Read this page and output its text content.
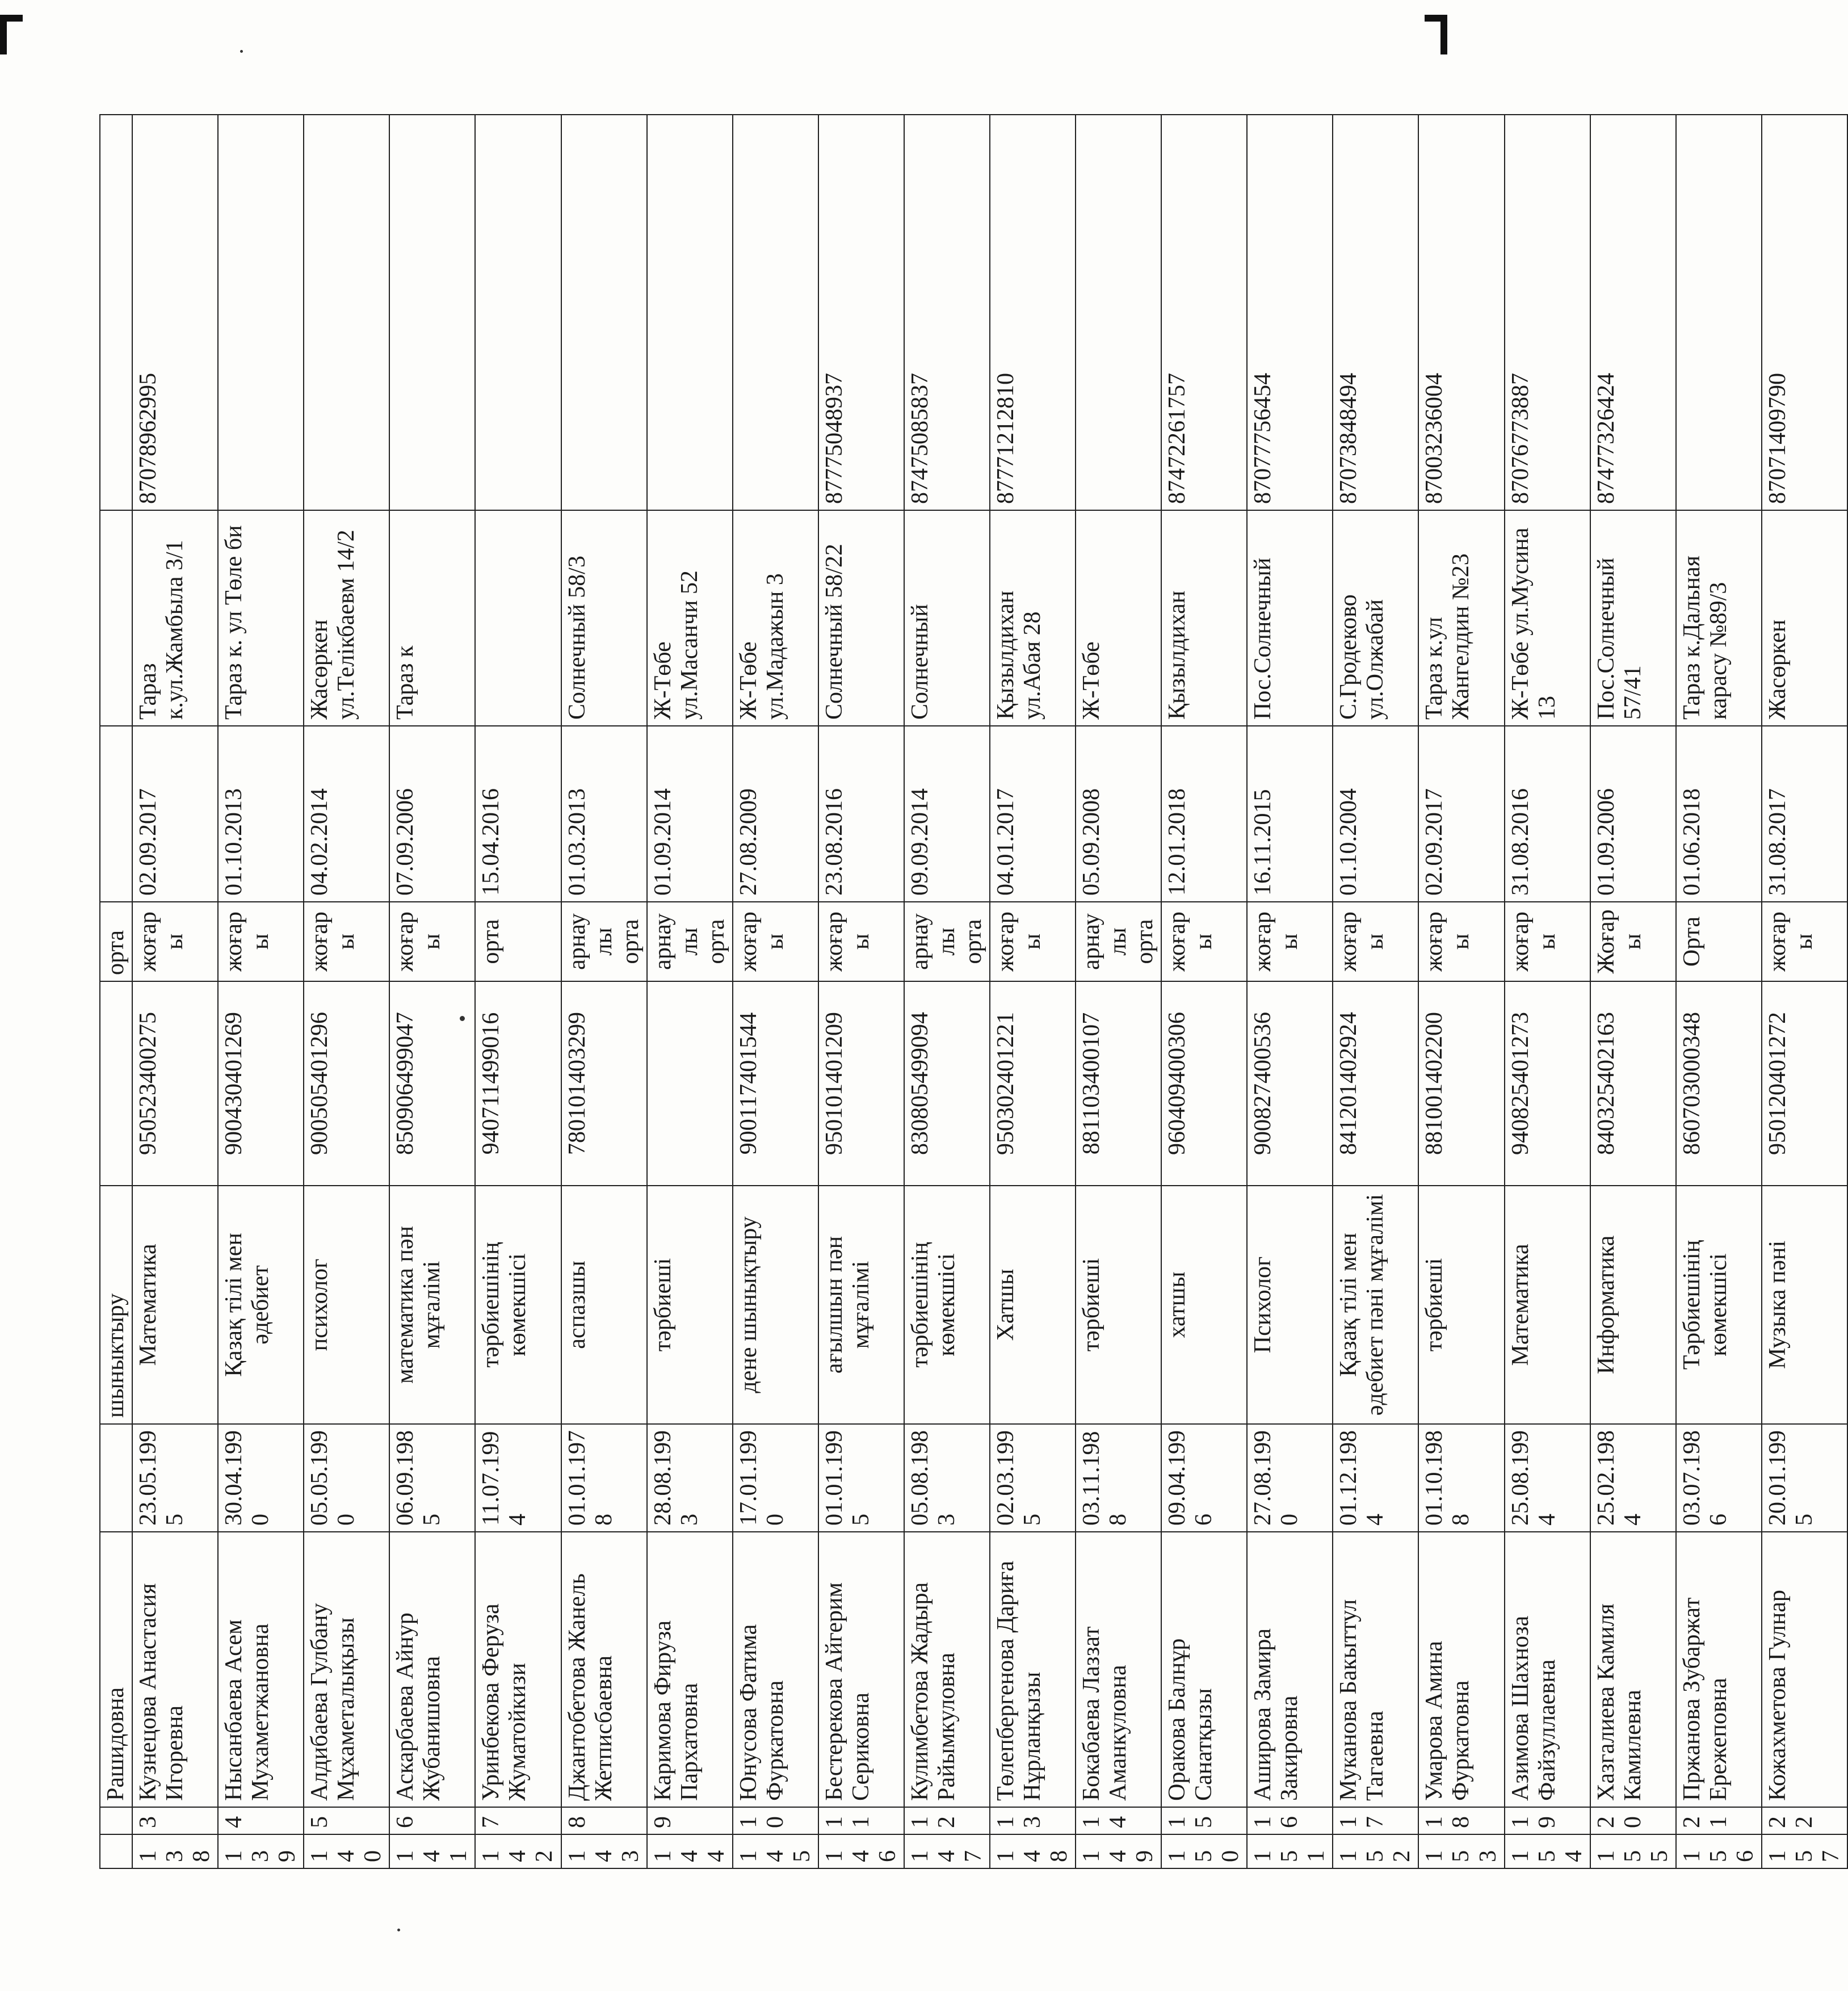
		Рашидовна		шыныктыру		орта			
138	3	Кузнецова Анастасия Игоревна	23.05.1995	Математика	950523400275	жоғары	02.09.2017	Тараз к.ул.Жамбыла 3/1	87078962995
139	4	Нысанбаева Асем Мухаметжановна	30.04.1990	Қазақ тілі мен әдебиет	900430401269	жоғары	01.10.2013	Тараз к. ул Төле би	
140	5	Алдибаева Гулбану Мұхаметалықызы	05.05.1990	психолог	900505401296	жоғары	04.02.2014	Жасөркен ул.Телікбаевм 14/2	
141	6	Аскарбаева Айнур Жубанишовна	06.09.1985	математика пән мұғалімі	850906499047	жоғары	07.09.2006	Тараз к	
142	7	Уринбекова Феруза Жуматойкизи	11.07.1994	тәрбиешінің көмекшісі	940711499016	орта	15.04.2016		
143	8	Джантобетова Жанель Жетписбаевна	01.01.1978	аспазшы	780101403299	арнаулы орта	01.03.2013	Солнечный 58/3	
144	9	Каримова Фируза Пархатовна	28.08.1993	тәрбиеші		арнаулы орта	01.09.2014	Ж-Төбе ул.Масанчи 52	
145	10	Юнусова Фатима Фуркатовна	17.01.1990	дене шынықтыру	900117401544	жоғары	27.08.2009	Ж-Төбе ул.Мадажын 3	
146	11	Бестерекова Айгерим Сериковна	01.01.1995	ағылшын пән мұғалімі	950101401209	жоғары	23.08.2016	Солнечный 58/22	87775048937
147	12	Кулимбетова Жадыра Райымкуловна	05.08.1983	тәрбиешінің көмекшісі	830805499094	арнаулы орта	09.09.2014	Солнечный	87475085837
148	13	Төлепбергенова Дариға Нұрланқызы	02.03.1995	Хатшы	950302401221	жоғары	04.01.2017	Қызылдихан ул.Абая 28	87771212810
149	14	Бокабаева Лаззат Аманкуловна	03.11.1988	тәрбиеші	881103400107	арнаулы орта	05.09.2008	Ж-Төбе	
150	15	Оракова Балнұр Санатқызы	09.04.1996	хатшы	960409400306	жоғары	12.01.2018	Қызылдихан	87472261757
151	16	Аширова Замира Закировна	27.08.1990	Психолог	900827400536	жоғары	16.11.2015	Пос.Солнечный	87077756454
152	17	Муканова Бакыттул Тагаевна	01.12.1984	Қазақ тілі мен әдебиет пәні мұғалімі	841201402924	жоғары	01.10.2004	С.Гродеково ул.Олжабай	87073848494
153	18	Умарова Амина Фуркатовна	01.10.1988	тәрбиеші	881001402200	жоғары	02.09.2017	Тараз к.ул Жангелдин №23	87003236004
154	19	Азимова Шахноза Файзуллаевна	25.08.1994	Математика	940825401273	жоғары	31.08.2016	Ж-Төбе ул.Мусина 13	87076773887
155	20	Хазгалиева Камиля Камилевна	25.02.1984	Информатика	840325402163	Жоғары	01.09.2006	Пос.Солнечный 57/41	87477326424
156	21	Пржанова Зубаржат Ережеповна	03.07.1986	Тәрбиешінің көмекшісі	860703000348	Орта	01.06.2018	Тараз к.Дальная карасу №89/3	
157	22	Кожахметова Гулнар	20.01.1995	Музыка пәні	950120401272	жоғары	31.08.2017	Жасөркен	87071409790
